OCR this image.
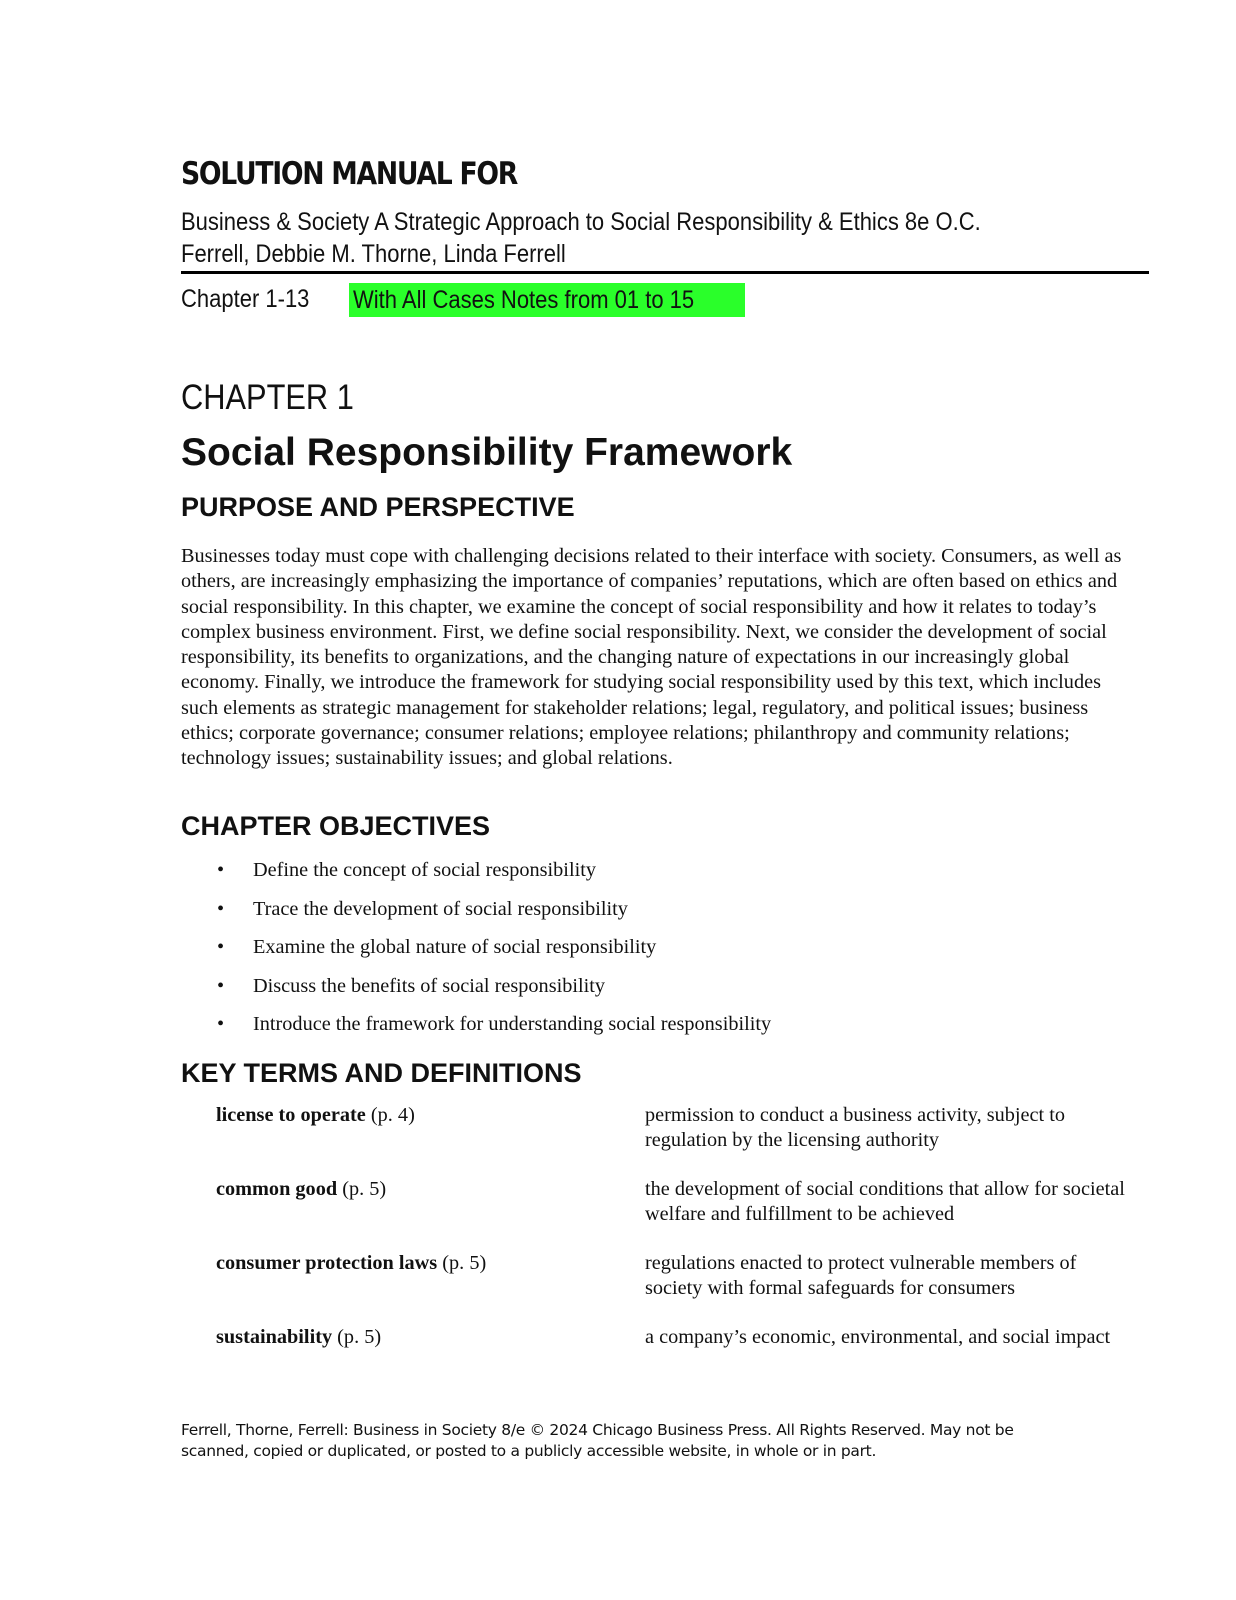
SOLUTION MANUAL FOR
Business & Society A Strategic Approach to Social Responsibility & Ethics 8e O.C. Ferrell, Debbie M. Thorne, Linda Ferrell
Chapter 1-13 With All Cases Notes from 01 to 15
CHAPTER 1
Social Responsibility Framework
PURPOSE AND PERSPECTIVE
Businesses today must cope with challenging decisions related to their interface with society. Consumers, as well as others, are increasingly emphasizing the importance of companies’ reputations, which are often based on ethics and social responsibility. In this chapter, we examine the concept of social responsibility and how it relates to today’s complex business environment. First, we define social responsibility. Next, we consider the development of social responsibility, its benefits to organizations, and the changing nature of expectations in our increasingly global economy. Finally, we introduce the framework for studying social responsibility used by this text, which includes such elements as strategic management for stakeholder relations; legal, regulatory, and political issues; business ethics; corporate governance; consumer relations; employee relations; philanthropy and community relations; technology issues; sustainability issues; and global relations.
CHAPTER OBJECTIVES
• Define the concept of social responsibility
• Trace the development of social responsibility
• Examine the global nature of social responsibility
• Discuss the benefits of social responsibility
• Introduce the framework for understanding social responsibility
KEY TERMS AND DEFINITIONS
license to operate (p. 4)	permission to conduct a business activity, subject to regulation by the licensing authority
common good (p. 5)	the development of social conditions that allow for societal welfare and fulfillment to be achieved
consumer protection laws (p. 5)	regulations enacted to protect vulnerable members of society with formal safeguards for consumers
sustainability (p. 5)	a company’s economic, environmental, and social impact
Ferrell, Thorne, Ferrell: Business in Society 8/e © 2024 Chicago Business Press. All Rights Reserved. May not be scanned, copied or duplicated, or posted to a publicly accessible website, in whole or in part.
